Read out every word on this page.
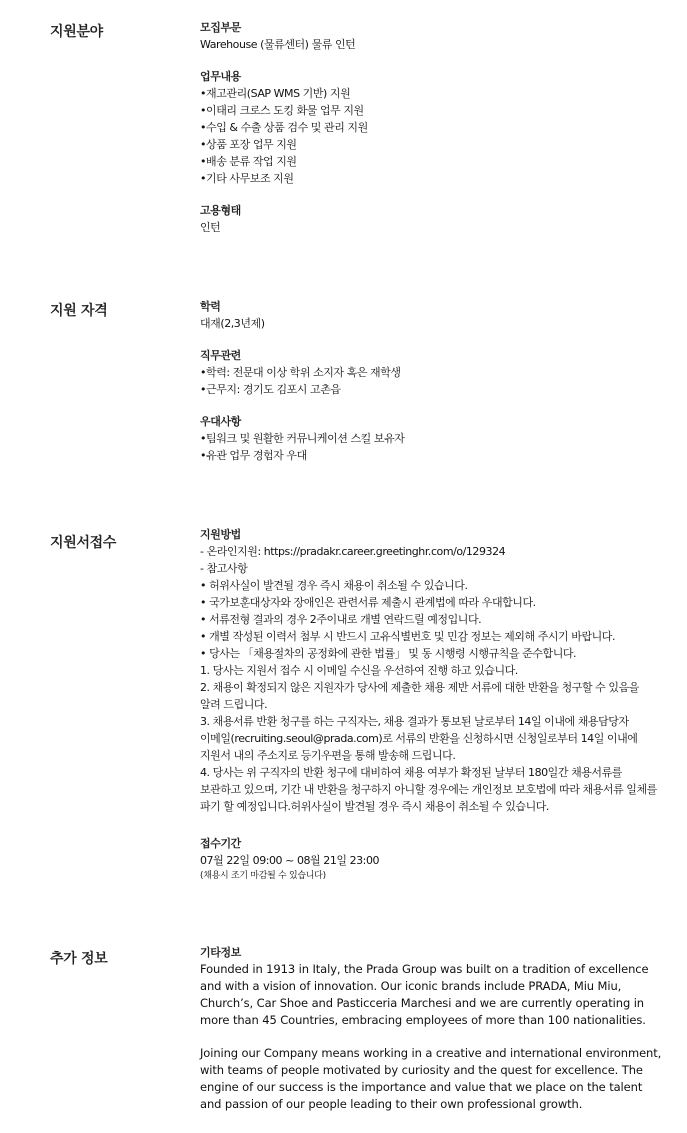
지원분야	모집부문
Warehouse (물류센터) 물류 인턴
업무내용
•재고관리(SAP WMS 기반) 지원
•이태리 크로스 도킹 화물 업무 지원
•수입 & 수출 상품 검수 및 관리 지원
•상품 포장 업무 지원
•배송 분류 작업 지원
•기타 사무보조 지원
고용형태
인턴
지원 자격	학력
대재(2,3년제)
직무관련
•학력: 전문대 이상 학위 소지자 혹은 재학생
•근무지: 경기도 김포시 고촌읍
우대사항
•팀워크 및 원활한 커뮤니케이션 스킬 보유자
•유관 업무 경험자 우대
지원서접수
지원방법
- 온라인지원: https://pradakr.career.greetinghr.com/o/129324
- 참고사항
• 허위사실이 발견될 경우 즉시 채용이 취소될 수 있습니다.
• 국가보훈대상자와 장애인은 관련서류 제출시 관계법에 따라 우대합니다.
• 서류전형 결과의 경우 2주이내로 개별 연락드릴 예정입니다.
• 개별 작성된 이력서 첨부 시 반드시 고유식별번호 및 민감 정보는 제외해 주시기 바랍니다.
• 당사는 「채용절차의 공정화에 관한 법률」 및 동 시행령 시행규칙을 준수합니다.
1. 당사는 지원서 접수 시 이메일 수신을 우선하여 진행 하고 있습니다.
2. 채용이 확정되지 않은 지원자가 당사에 제출한 채용 제반 서류에 대한 반환을 청구할 수 있음을
알려 드립니다.
3. 채용서류 반환 청구를 하는 구직자는, 채용 결과가 통보된 날로부터 14일 이내에 채용담당자
이메일(recruiting.seoul@prada.com)로 서류의 반환을 신청하시면 신청일로부터 14일 이내에
지원서 내의 주소지로 등기우편을 통해 발송해 드립니다.
4. 당사는 위 구직자의 반환 청구에 대비하여 채용 여부가 확정된 날부터 180일간 채용서류를
보관하고 있으며, 기간 내 반환을 청구하지 아니할 경우에는 개인정보 보호법에 따라 채용서류 일체를
파기 할 예정입니다.허위사실이 발견될 경우 즉시 채용이 취소될 수 있습니다.
접수기간
07월 22일 09:00 ~ 08월 21일 23:00
(채용시 조기 마감될 수 있습니다)
추가 정보	기타정보
Founded in 1913 in Italy, the Prada Group was built on a tradition of excellence and with a vision of innovation. Our iconic brands include PRADA, Miu Miu, Church’s, Car Shoe and Pasticceria Marchesi and we are currently operating in more than 45 Countries, embracing employees of more than 100 nationalities.
Joining our Company means working in a creative and international environment, with teams of people motivated by curiosity and the quest for excellence. The engine of our success is the importance and value that we place on the talent and passion of our people leading to their own professional growth.
